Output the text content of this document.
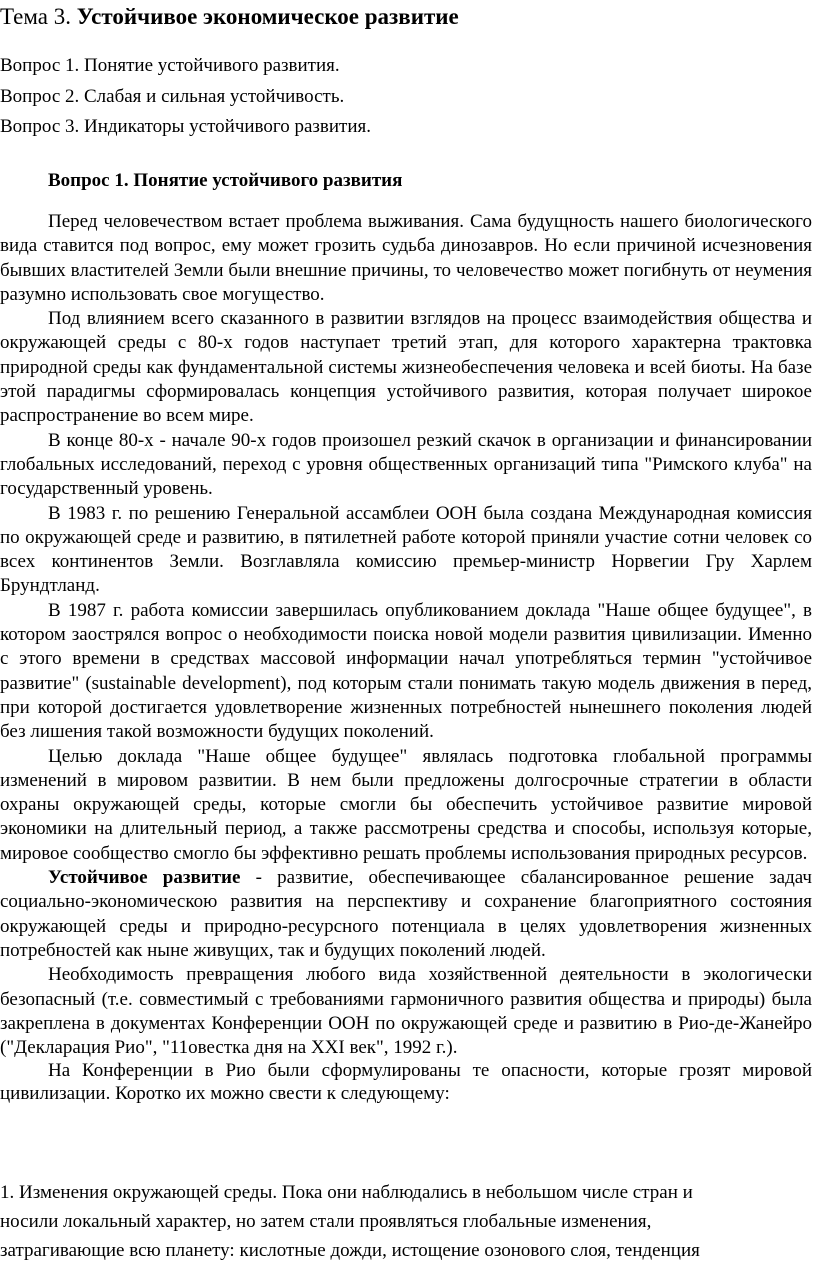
Тема 3. Устойчивое экономическое развитие
Вопрос 1. Понятие устойчивого развития.
Вопрос 2. Слабая и сильная устойчивость.
Вопрос 3. Индикаторы устойчивого развития.
Вопрос 1. Понятие устойчивого развития

Перед человечеством встает проблема выживания. Сама будущность нашего биологического вида ставится под вопрос, ему может грозить судьба динозавров. Но если причиной исчезновения бывших властителей Земли были внешние причины, то человечество может погибнуть от неумения разумно использовать свое могущество.

Под влиянием всего сказанного в развитии взглядов на процесс взаимодействия общества и окружающей среды с 80-х годов наступает третий этап, для которого характерна трактовка природной среды как фундаментальной системы жизнеобеспечения человека и всей биоты. На базе этой парадигмы сформировалась концепция устойчивого развития, которая получает широкое распространение во всем мире.

В конце 80-х - начале 90-х годов произошел резкий скачок в организации и финансировании глобальных исследований, переход с уровня общественных организаций типа "Римского клуба" на государственный уровень.

В 1983 г. по решению Генеральной ассамблеи ООН была создана Международная комиссия по окружающей среде и развитию, в пятилетней работе которой приняли участие сотни человек со всех континентов Земли. Возглавляла комиссию премьер-министр Норвегии Гру Харлем Брундтланд.

В 1987 г. работа комиссии завершилась опубликованием доклада "Наше общее будущее", в котором заострялся вопрос о необходимости поиска новой модели развития цивилизации. Именно с этого времени в средствах массовой информации начал употребляться термин "устойчивое развитие" (sustainable development), под которым стали понимать такую модель движения в перед, при которой достигается удовлетворение жизненных потребностей нынешнего поколения людей без лишения такой возможности будущих поколений.

Целью доклада "Наше общее будущее" являлась подготовка глобальной программы изменений в мировом развитии. В нем были предложены долгосрочные стратегии в области охраны окружающей среды, которые смогли бы обеспечить устойчивое развитие мировой экономики на длительный период, а также рассмотрены средства и способы, используя которые, мировое сообщество смогло бы эффективно решать проблемы использования природных ресурсов.

Устойчивое развитие - развитие, обеспечивающее сбалансированное решение задач социально-экономическою развития на перспективу и сохранение благоприятного состояния окружающей среды и природно-ресурсного потенциала в целях удовлетворения жизненных потребностей как ныне живущих, так и будущих поколений людей.

Необходимость превращения любого вида хозяйственной деятельности в экологически безопасный (т.е. совместимый с требованиями гармоничного развития общества и природы) была закреплена в документах Конференции ООН по окружающей среде и развитию в Рио-де-Жанейро ("Декларация Рио", "11овестка дня на XXI век", 1992 г.).

На Конференции в Рио были сформулированы те опасности, которые грозят мировой цивилизации. Коротко их можно свести к следующему:

1. Изменения окружающей среды. Пока они наблюдались в небольшом числе стран и
носили локальный характер, но затем стали проявляться глобальные изменения,
затрагивающие всю планету: кислотные дожди, истощение озонового слоя, тенденция
